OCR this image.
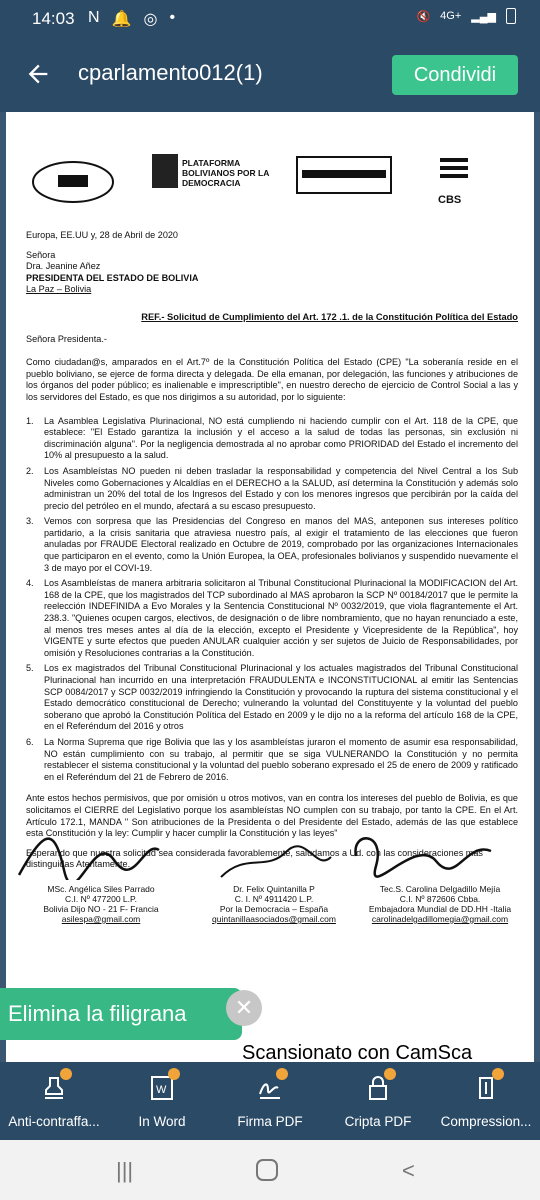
14:03 N 🔔 ◎ •	🔇 4G+ ▂▄▆
cparlamento012(1)	Condividi
PLATAFORMA BOLIVIANOS POR LA DEMOCRACIA
CBS

Europa, EE.UU y, 28 de Abril de 2020

Señora
Dra. Jeanine Añez
PRESIDENTA DEL ESTADO DE BOLIVIA
La Paz – Bolivia

REF.- Solicitud de Cumplimiento del Art. 172 .1. de la Constitución Política del Estado

Señora Presidenta.-

Como ciudadan@s, amparados en el Art.7º de la Constitución Política del Estado (CPE) "La soberanía reside en el pueblo boliviano, se ejerce de forma directa y delegada. De ella emanan, por delegación, las funciones y atribuciones de los órganos del poder público; es inalienable e imprescriptible", en nuestro derecho de ejercicio de Control Social a las y los servidores del Estado, es que nos dirigimos a su autoridad, por lo siguiente:

1. La Asamblea Legislativa Plurinacional, NO está cumpliendo ni haciendo cumplir con el Art. 118 de la CPE, que establece: "El Estado garantiza la inclusión y el acceso a la salud de todas las personas, sin exclusión ni discriminación alguna". Por la negligencia demostrada al no aprobar como PRIORIDAD del Estado el incremento del 10% al presupuesto a la salud.
2. Los Asambleístas NO pueden ni deben trasladar la responsabilidad y competencia del Nivel Central a los Sub Niveles como Gobernaciones y Alcaldías en el DERECHO a la SALUD, así determina la Constitución y además solo administran un 20% del total de los Ingresos del Estado y con los menores ingresos que percibirán por la caída del precio del petróleo en el mundo, afectará a su escaso presupuesto.
3. Vemos con sorpresa que las Presidencias del Congreso en manos del MAS, anteponen sus intereses político partidario, a la crisis sanitaria que atraviesa nuestro país, al exigir el tratamiento de las elecciones que fueron anuladas por FRAUDE Electoral realizado en Octubre de 2019, comprobado por las organizaciones Internacionales que participaron en el evento, como la Unión Europea, la OEA, profesionales bolivianos y suspendido nuevamente el 3 de mayo por el COVI-19.
4. Los Asambleístas de manera arbitraria solicitaron al Tribunal Constitucional Plurinacional la MODIFICACION del Art. 168 de la CPE, que los magistrados del TCP subordinado al MAS aprobaron la SCP Nº 00184/2017 que le permite la reelección INDEFINIDA a Evo Morales y la Sentencia Constitucional Nº 0032/2019, que viola flagrantemente el Art. 238.3. "Quienes ocupen cargos, electivos, de designación o de libre nombramiento, que no hayan renunciado a este, al menos tres meses antes al día de la elección, excepto el Presidente y Vicepresidente de la República", hoy VIGENTE y surte efectos que pueden ANULAR cualquier acción y ser sujetos de Juicio de Responsabilidades, por omisión y Resoluciones contrarias a la Constitución.
5. Los ex magistrados del Tribunal Constitucional Plurinacional y los actuales magistrados del Tribunal Constitucional Plurinacional han incurrido en una interpretación FRAUDULENTA e INCONSTITUCIONAL al emitir las Sentencias SCP 0084/2017 y SCP 0032/2019 infringiendo la Constitución y provocando la ruptura del sistema constitucional y el Estado democrático constitucional de Derecho; vulnerando la voluntad del Constituyente y la voluntad del pueblo soberano que aprobó la Constitución Política del Estado en 2009 y le dijo no a la reforma del artículo 168 de la CPE, en el Referéndum del 2016 y otros
6. La Norma Suprema que rige Bolivia que las y los asambleístas juraron el momento de asumir esa responsabilidad, NO están cumplimiento con su trabajo, al permitir que se siga VULNERANDO la Constitución y no permita restablecer el sistema constitucional y la voluntad del pueblo soberano expresado el 25 de enero de 2009 y ratificado en el Referéndum del 21 de Febrero de 2016.

Ante estos hechos permisivos, que por omisión u otros motivos, van en contra los intereses del pueblo de Bolivia, es que solicitamos el CIERRE del Legislativo porque los asambleístas NO cumplen con su trabajo, por tanto la CPE. En el Art. Artículo 172.1, MANDA " Son atribuciones de la Presidenta o del Presidente del Estado, además de las que establece esta Constitución y la ley: Cumplir y hacer cumplir la Constitución y las leyes"

Esperando que nuestra solicitud sea considerada favorablemente, saludamos a Ud. con las consideraciones más distinguidas Atentamente.

MSc. Angélica Siles Parrado
C.I. Nº 477200 L.P.
Bolivia Dijo NO - 21 F- Francia
asilespa@gmail.com
Dr. Felix Quintanilla P
C. I. Nº 4911420 L.P.
Por la Democracia – España
quintanillaasociados@gmail.com
Tec.S. Carolina Delgadillo Mejía
C.I. Nº 872606 Cbba.
Embajadora Mundial de DD.HH -Italia
carolinadelgadillomegia@gmail.com
Scansionato con CamSca
Elimina la filigrana	✕
Anti-contraffa...
W
In Word	Firma PDF	Cripta PDF	Compression...
|||	<
